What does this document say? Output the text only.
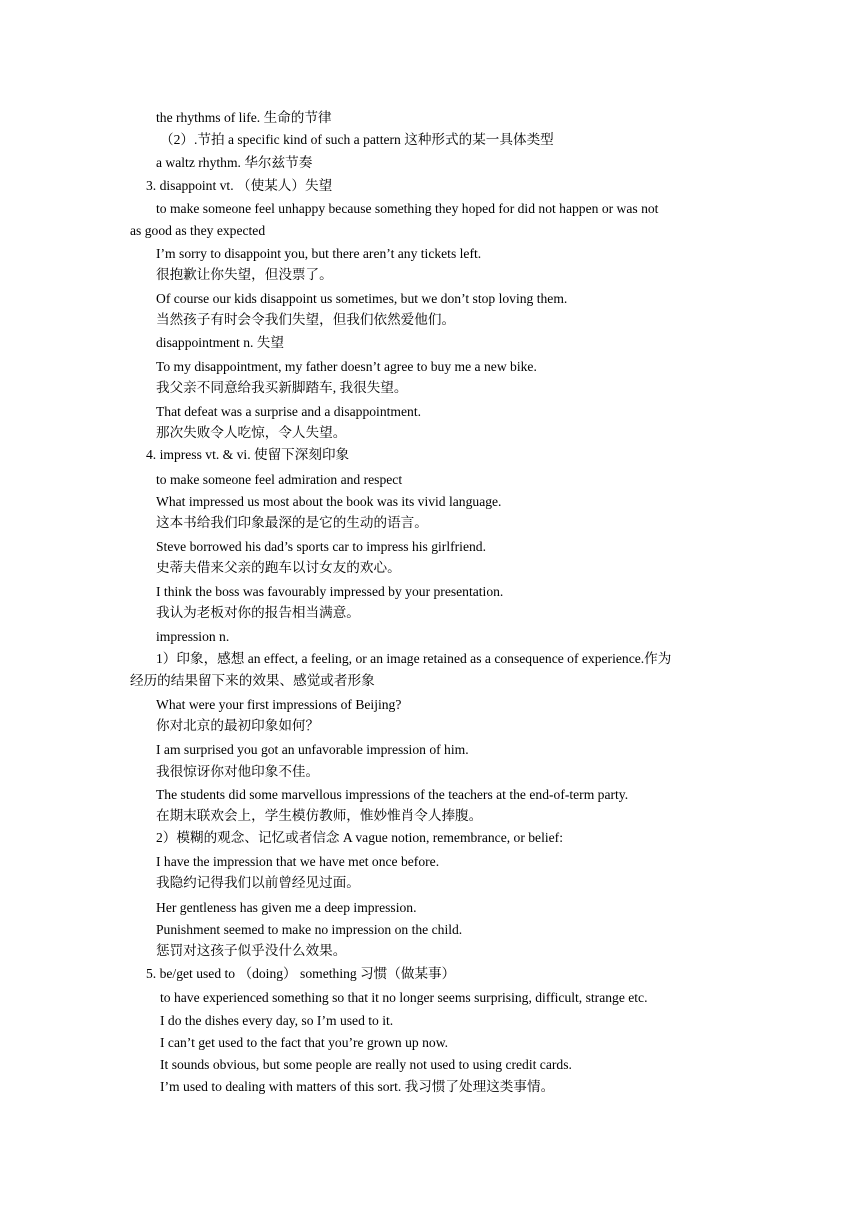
the rhythms of life. 生命的节律
（2）.节拍 a specific kind of such a pattern 这种形式的某一具体类型
a waltz rhythm. 华尔兹节奏
3. disappoint vt. （使某人）失望
to make someone feel unhappy because something they hoped for did not happen or was not
as good as they expected
I’m sorry to disappoint you, but there aren’t any tickets left.
很抱歉让你失望，但没票了。
Of course our kids disappoint us sometimes, but we don’t stop loving them.
当然孩子有时会令我们失望，但我们依然爱他们。
disappointment n. 失望
To my disappointment, my father doesn’t agree to buy me a new bike.
我父亲不同意给我买新脚踏车, 我很失望。
That defeat was a surprise and a disappointment.
那次失败令人吃惊，令人失望。
4. impress vt. & vi. 使留下深刻印象
to make someone feel admiration and respect
What impressed us most about the book was its vivid language.
这本书给我们印象最深的是它的生动的语言。
Steve borrowed his dad’s sports car to impress his girlfriend.
史蒂夫借来父亲的跑车以讨女友的欢心。
I think the boss was favourably impressed by your presentation.
我认为老板对你的报告相当满意。
impression n.
1）印象，感想 an effect, a feeling, or an image retained as a consequence of experience.作为
经历的结果留下来的效果、感觉或者形象
What were your first impressions of Beijing?
你对北京的最初印象如何？
I am surprised you got an unfavorable impression of him.
我很惊讶你对他印象不佳。
The students did some marvellous impressions of the teachers at the end-of-term party.
在期末联欢会上，学生模仿教师，惟妙惟肖令人捧腹。
2）模糊的观念、记忆或者信念 A vague notion, remembrance, or belief:
I have the impression that we have met once before.
我隐约记得我们以前曾经见过面。
Her gentleness has given me a deep impression.
Punishment seemed to make no impression on the child.
惩罚对这孩子似乎没什么效果。
5. be/get used to （doing） something 习惯（做某事）
to have experienced something so that it no longer seems surprising, difficult, strange etc.
I do the dishes every day, so I’m used to it.
I can’t get used to the fact that you’re grown up now.
It sounds obvious, but some people are really not used to using credit cards.
I’m used to dealing with matters of this sort. 我习惯了处理这类事情。
